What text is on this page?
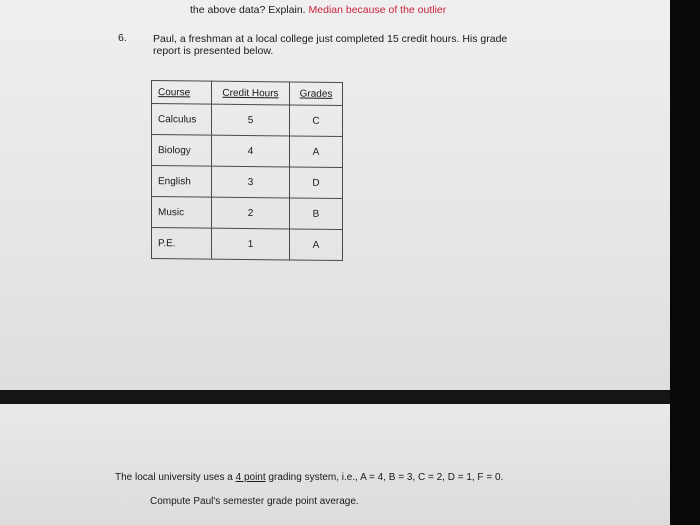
the above data? Explain. Median because of the outlier

6. Paul, a freshman at a local college just completed 15 credit hours. His grade report is presented below.

Course	Credit Hours	Grades
Calculus	5	C
Biology	4	A
English	3	D
Music	2	B
P.E.	1	A

The local university uses a 4 point grading system, i.e., A = 4, B = 3, C = 2, D = 1, F = 0.

Compute Paul's semester grade point average.
